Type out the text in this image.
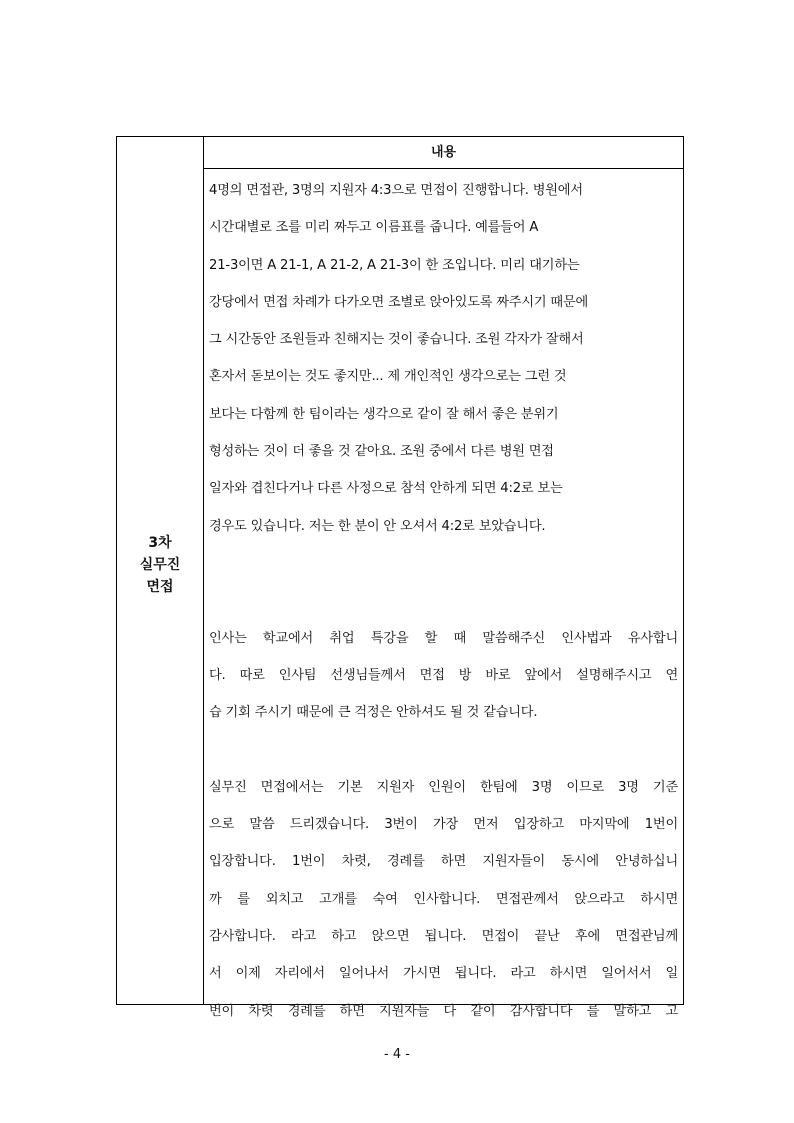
3차
실무진
면접
내용
4명의 면접관, 3명의 지원자 4:3으로 면접이 진행합니다. 병원에서
시간대별로 조를 미리 짜두고 이름표를 줍니다. 예를들어 A
21-3이면 A 21-1, A 21-2, A 21-3이 한 조입니다. 미리 대기하는
강당에서 면접 차례가 다가오면 조별로 앉아있도록 짜주시기 때문에
그 시간동안 조원들과 친해지는 것이 좋습니다. 조원 각자가 잘해서
혼자서 돋보이는 것도 좋지만... 제 개인적인 생각으로는 그런 것
보다는 다함께 한 팀이라는 생각으로 같이 잘 해서 좋은 분위기
형성하는 것이 더 좋을 것 같아요. 조원 중에서 다른 병원 면접
일자와 겹친다거나 다른 사정으로 참석 안하게 되면 4:2로 보는
경우도 있습니다. 저는 한 분이 안 오셔서 4:2로 보았습니다.
인사는 학교에서 취업 특강을 할 때 말씀해주신 인사법과 유사합니
다. 따로 인사팀 선생님들께서 면접 방 바로 앞에서 설명해주시고 연
습 기회 주시기 때문에 큰 걱정은 안하셔도 될 것 같습니다.
실무진 면접에서는 기본 지원자 인원이 한팀에 3명 이므로 3명 기준
으로 말씀 드리겠습니다. 3번이 가장 먼저 입장하고 마지막에 1번이
입장합니다. 1번이 차렷, 경례를 하면 지원자들이 동시에 안녕하십니
까 를 외치고 고개를 숙여 인사합니다. 면접관께서 앉으라고 하시면
감사합니다. 라고 하고 앉으면 됩니다. 면접이 끝난 후에 면접관님께
서 이제 자리에서 일어나서 가시면 됩니다. 라고 하시면 일어서서 일
번이 차렷 경례를 하면 지원자들 다 같이 감사합니다 를 말하고 고
- 4 -
